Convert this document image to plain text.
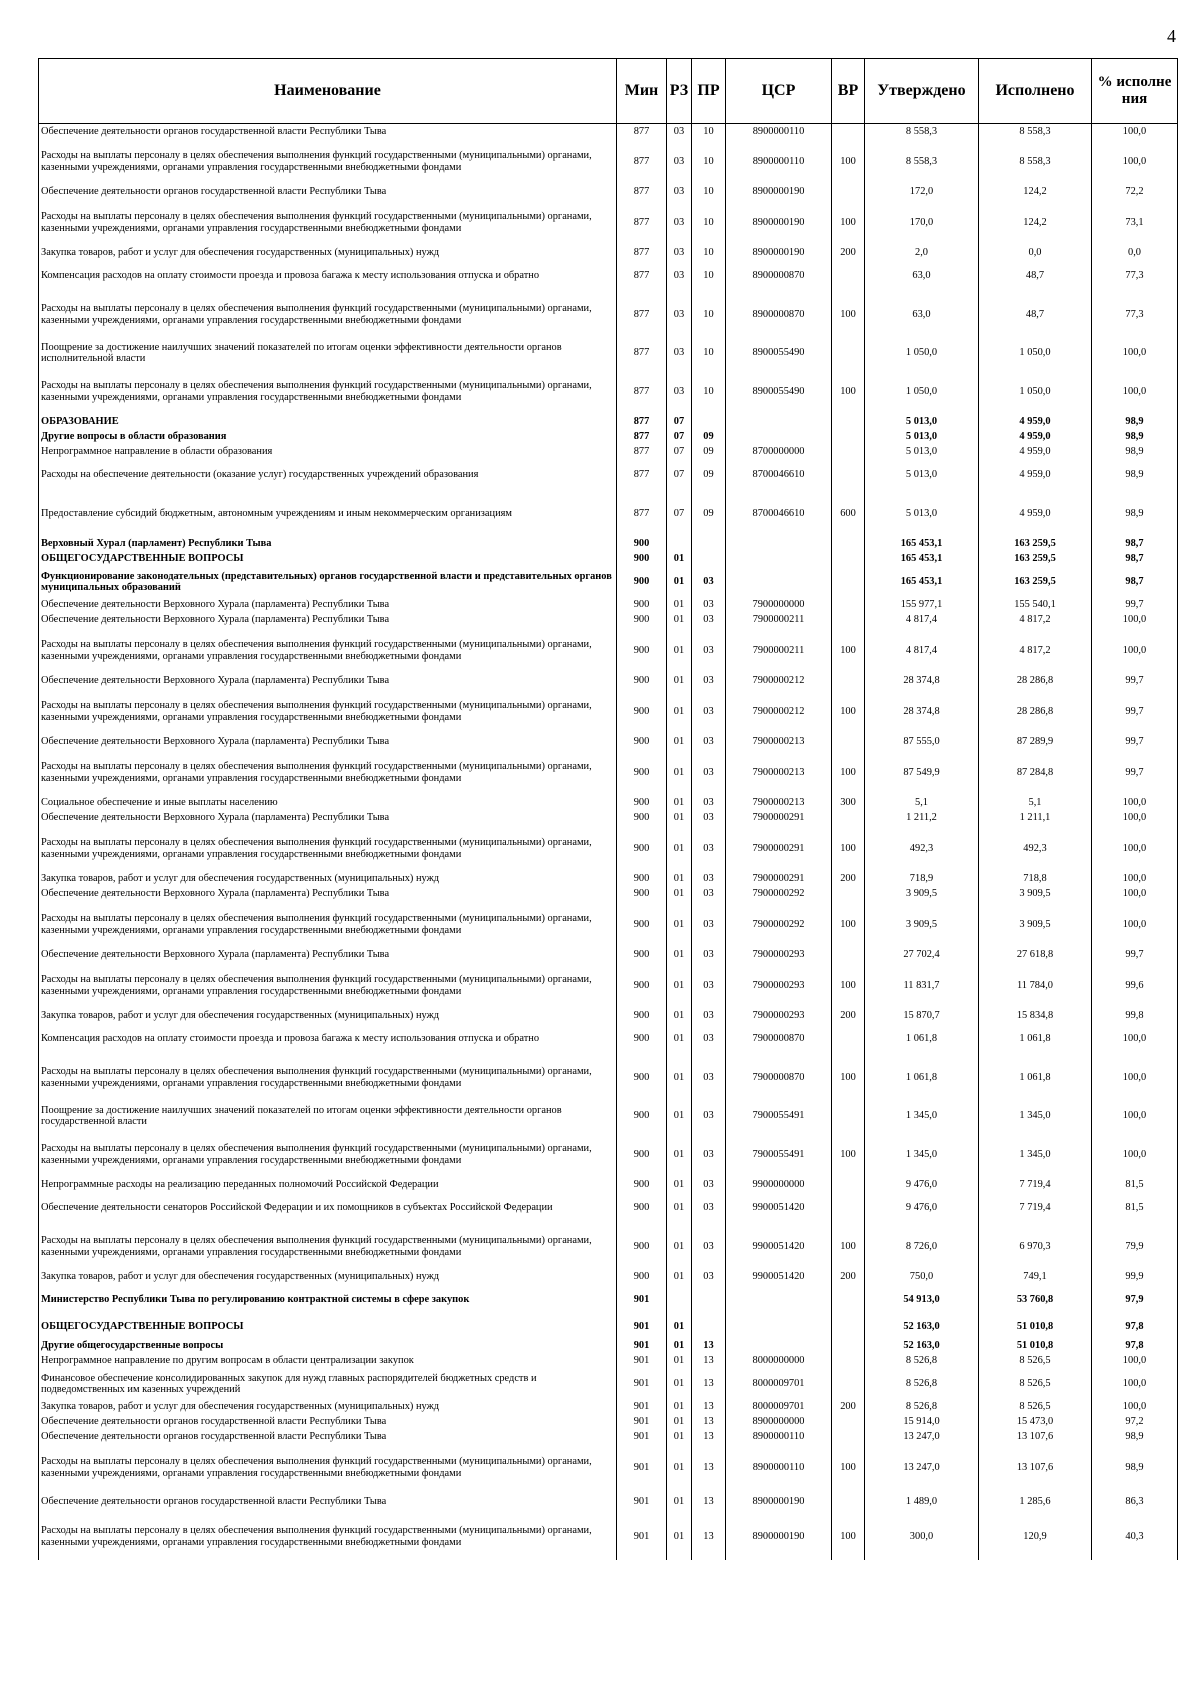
4
Наименование	Мин	РЗ	ПР	ЦСР	ВР	Утверждено	Исполнено	% исполне ния
Обеспечение деятельности органов государственной власти Республики Тыва	877	03	10	8900000110		8 558,3	8 558,3	100,0
Расходы на выплаты персоналу в целях обеспечения выполнения функций государственными (муниципальными) органами, казенными учреждениями, органами управления государственными внебюджетными фондами	877	03	10	8900000110	100	8 558,3	8 558,3	100,0
Обеспечение деятельности органов государственной власти Республики Тыва	877	03	10	8900000190		172,0	124,2	72,2
Расходы на выплаты персоналу в целях обеспечения выполнения функций государственными (муниципальными) органами, казенными учреждениями, органами управления государственными внебюджетными фондами	877	03	10	8900000190	100	170,0	124,2	73,1
Закупка товаров, работ и услуг для обеспечения государственных (муниципальных) нужд	877	03	10	8900000190	200	2,0	0,0	0,0
Компенсация расходов на оплату стоимости проезда и провоза багажа к месту использования отпуска и обратно	877	03	10	8900000870		63,0	48,7	77,3
Расходы на выплаты персоналу в целях обеспечения выполнения функций государственными (муниципальными) органами, казенными учреждениями, органами управления государственными внебюджетными фондами	877	03	10	8900000870	100	63,0	48,7	77,3
Поощрение за достижение наилучших значений показателей по итогам оценки эффективности деятельности органов исполнительной власти	877	03	10	8900055490		1 050,0	1 050,0	100,0
Расходы на выплаты персоналу в целях обеспечения выполнения функций государственными (муниципальными) органами, казенными учреждениями, органами управления государственными внебюджетными фондами	877	03	10	8900055490	100	1 050,0	1 050,0	100,0
ОБРАЗОВАНИЕ	877	07				5 013,0	4 959,0	98,9
Другие вопросы в области образования	877	07	09			5 013,0	4 959,0	98,9
Непрограммное направление в области образования	877	07	09	8700000000		5 013,0	4 959,0	98,9
Расходы на обеспечение деятельности (оказание услуг) государственных учреждений образования	877	07	09	8700046610		5 013,0	4 959,0	98,9
Предоставление субсидий бюджетным, автономным учреждениям и иным некоммерческим организациям	877	07	09	8700046610	600	5 013,0	4 959,0	98,9
Верховный Хурал (парламент) Республики Тыва	900					165 453,1	163 259,5	98,7
ОБЩЕГОСУДАРСТВЕННЫЕ ВОПРОСЫ	900	01				165 453,1	163 259,5	98,7
Функционирование законодательных (представительных) органов государственной власти и представительных органов муниципальных образований	900	01	03			165 453,1	163 259,5	98,7
Обеспечение деятельности Верховного Хурала (парламента) Республики Тыва	900	01	03	7900000000		155 977,1	155 540,1	99,7
Обеспечение деятельности Верховного Хурала (парламента) Республики Тыва	900	01	03	7900000211		4 817,4	4 817,2	100,0
Расходы на выплаты персоналу в целях обеспечения выполнения функций государственными (муниципальными) органами, казенными учреждениями, органами управления государственными внебюджетными фондами	900	01	03	7900000211	100	4 817,4	4 817,2	100,0
Обеспечение деятельности Верховного Хурала (парламента) Республики Тыва	900	01	03	7900000212		28 374,8	28 286,8	99,7
Расходы на выплаты персоналу в целях обеспечения выполнения функций государственными (муниципальными) органами, казенными учреждениями, органами управления государственными внебюджетными фондами	900	01	03	7900000212	100	28 374,8	28 286,8	99,7
Обеспечение деятельности Верховного Хурала (парламента) Республики Тыва	900	01	03	7900000213		87 555,0	87 289,9	99,7
Расходы на выплаты персоналу в целях обеспечения выполнения функций государственными (муниципальными) органами, казенными учреждениями, органами управления государственными внебюджетными фондами	900	01	03	7900000213	100	87 549,9	87 284,8	99,7
Социальное обеспечение и иные выплаты населению	900	01	03	7900000213	300	5,1	5,1	100,0
Обеспечение деятельности Верховного Хурала (парламента) Республики Тыва	900	01	03	7900000291		1 211,2	1 211,1	100,0
Расходы на выплаты персоналу в целях обеспечения выполнения функций государственными (муниципальными) органами, казенными учреждениями, органами управления государственными внебюджетными фондами	900	01	03	7900000291	100	492,3	492,3	100,0
Закупка товаров, работ и услуг для обеспечения государственных (муниципальных) нужд	900	01	03	7900000291	200	718,9	718,8	100,0
Обеспечение деятельности Верховного Хурала (парламента) Республики Тыва	900	01	03	7900000292		3 909,5	3 909,5	100,0
Расходы на выплаты персоналу в целях обеспечения выполнения функций государственными (муниципальными) органами, казенными учреждениями, органами управления государственными внебюджетными фондами	900	01	03	7900000292	100	3 909,5	3 909,5	100,0
Обеспечение деятельности Верховного Хурала (парламента) Республики Тыва	900	01	03	7900000293		27 702,4	27 618,8	99,7
Расходы на выплаты персоналу в целях обеспечения выполнения функций государственными (муниципальными) органами, казенными учреждениями, органами управления государственными внебюджетными фондами	900	01	03	7900000293	100	11 831,7	11 784,0	99,6
Закупка товаров, работ и услуг для обеспечения государственных (муниципальных) нужд	900	01	03	7900000293	200	15 870,7	15 834,8	99,8
Компенсация расходов на оплату стоимости проезда и провоза багажа к месту использования отпуска и обратно	900	01	03	7900000870		1 061,8	1 061,8	100,0
Расходы на выплаты персоналу в целях обеспечения выполнения функций государственными (муниципальными) органами, казенными учреждениями, органами управления государственными внебюджетными фондами	900	01	03	7900000870	100	1 061,8	1 061,8	100,0
Поощрение за достижение наилучших значений показателей по итогам оценки эффективности деятельности органов государственной власти	900	01	03	7900055491		1 345,0	1 345,0	100,0
Расходы на выплаты персоналу в целях обеспечения выполнения функций государственными (муниципальными) органами, казенными учреждениями, органами управления государственными внебюджетными фондами	900	01	03	7900055491	100	1 345,0	1 345,0	100,0
Непрограммные расходы на реализацию переданных полномочий Российской Федерации	900	01	03	9900000000		9 476,0	7 719,4	81,5
Обеспечение деятельности сенаторов Российской Федерации и их помощников в субъектах Российской Федерации	900	01	03	9900051420		9 476,0	7 719,4	81,5
Расходы на выплаты персоналу в целях обеспечения выполнения функций государственными (муниципальными) органами, казенными учреждениями, органами управления государственными внебюджетными фондами	900	01	03	9900051420	100	8 726,0	6 970,3	79,9
Закупка товаров, работ и услуг для обеспечения государственных (муниципальных) нужд	900	01	03	9900051420	200	750,0	749,1	99,9
Министерство Республики Тыва по регулированию контрактной системы в сфере закупок	901					54 913,0	53 760,8	97,9
ОБЩЕГОСУДАРСТВЕННЫЕ ВОПРОСЫ	901	01				52 163,0	51 010,8	97,8
Другие общегосударственные вопросы	901	01	13			52 163,0	51 010,8	97,8
Непрограммное направление по другим вопросам в области централизации закупок	901	01	13	8000000000		8 526,8	8 526,5	100,0
Финансовое обеспечение консолидированных закупок для нужд главных распорядителей бюджетных средств и подведомственных им казенных учреждений	901	01	13	8000009701		8 526,8	8 526,5	100,0
Закупка товаров, работ и услуг для обеспечения государственных (муниципальных) нужд	901	01	13	8000009701	200	8 526,8	8 526,5	100,0
Обеспечение деятельности органов государственной власти Республики Тыва	901	01	13	8900000000		15 914,0	15 473,0	97,2
Обеспечение деятельности органов государственной власти Республики Тыва	901	01	13	8900000110		13 247,0	13 107,6	98,9
Расходы на выплаты персоналу в целях обеспечения выполнения функций государственными (муниципальными) органами, казенными учреждениями, органами управления государственными внебюджетными фондами	901	01	13	8900000110	100	13 247,0	13 107,6	98,9
Обеспечение деятельности органов государственной власти Республики Тыва	901	01	13	8900000190		1 489,0	1 285,6	86,3
Расходы на выплаты персоналу в целях обеспечения выполнения функций государственными (муниципальными) органами, казенными учреждениями, органами управления государственными внебюджетными фондами	901	01	13	8900000190	100	300,0	120,9	40,3
